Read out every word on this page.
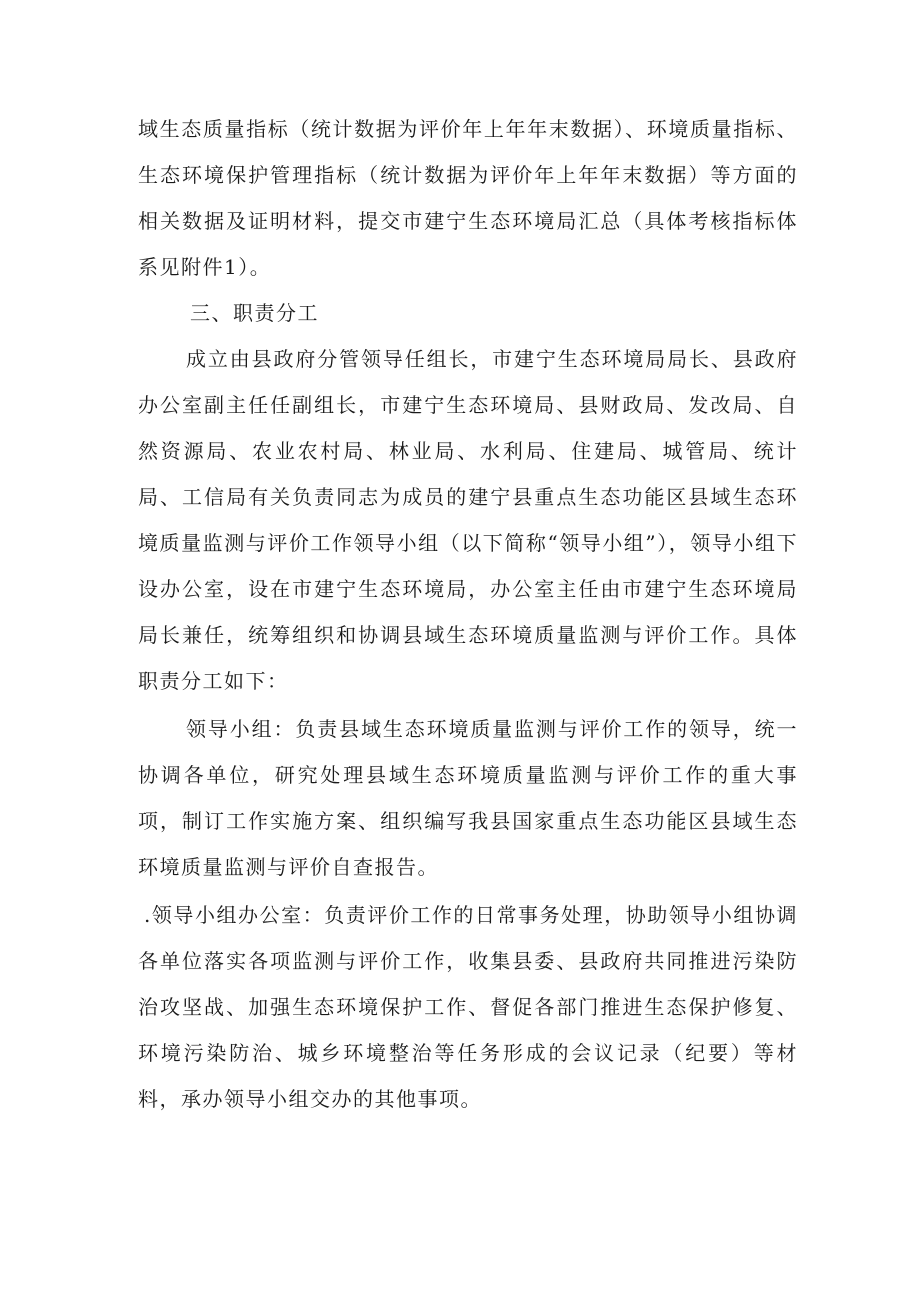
域生态质量指标（统计数据为评价年上年年末数据）、环境质量指标、生态环境保护管理指标（统计数据为评价年上年年末数据）等方面的相关数据及证明材料，提交市建宁生态环境局汇总（具体考核指标体系见附件1）。

三、职责分工

成立由县政府分管领导任组长，市建宁生态环境局局长、县政府办公室副主任任副组长，市建宁生态环境局、县财政局、发改局、自然资源局、农业农村局、林业局、水利局、住建局、城管局、统计局、工信局有关负责同志为成员的建宁县重点生态功能区县域生态环境质量监测与评价工作领导小组（以下简称“领导小组”），领导小组下设办公室，设在市建宁生态环境局，办公室主任由市建宁生态环境局局长兼任，统筹组织和协调县域生态环境质量监测与评价工作。具体职责分工如下：

领导小组：负责县域生态环境质量监测与评价工作的领导，统一协调各单位，研究处理县域生态环境质量监测与评价工作的重大事项，制订工作实施方案、组织编写我县国家重点生态功能区县域生态环境质量监测与评价自查报告。

.领导小组办公室：负责评价工作的日常事务处理，协助领导小组协调各单位落实各项监测与评价工作，收集县委、县政府共同推进污染防治攻坚战、加强生态环境保护工作、督促各部门推进生态保护修复、环境污染防治、城乡环境整治等任务形成的会议记录（纪要）等材料，承办领导小组交办的其他事项。
